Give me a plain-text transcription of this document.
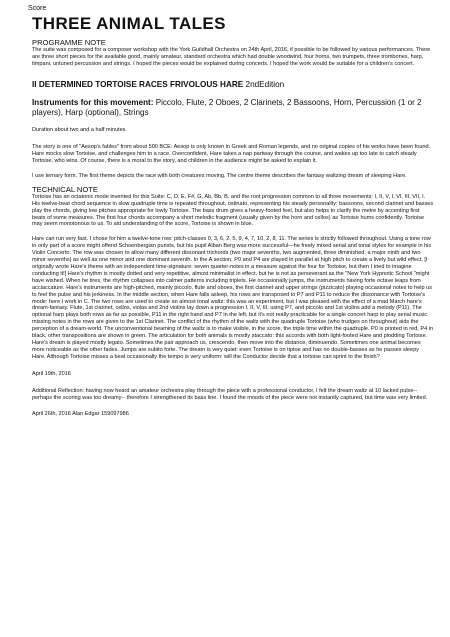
Score
THREE ANIMAL TALES
PROGRAMME NOTE

The suite was composed for a composer workshop with the York Guildhall Orchestra on 24th April, 2016, if possible to be followed by various performances. There are three short pieces for the available good, mainly amateur, standard orchestra which had double woodwind, four horns, two trumpets, three trombones, harp, timpani, untuned percussion and strings. I hoped the pieces would be explained during concerts. I hoped the work would be suitable for a children's concert.

II DETERMINED TORTOISE RACES FRIVOLOUS HARE 2ndEdition
Instruments for this movement: Piccolo, Flute, 2 Oboes, 2 Clarinets, 2 Bassoons, Horn, Percussion (1 or 2 players), Harp (optional), Strings

Duration about two and a half minutes.

The story is one of "Aesop's fables" from about 500 BCE: Aesop is only known in Greek and Roman legends, and no original copies of his works have been found. Hare mocks slow Tortoise, and challenges him to a race. Overconfident, Hare takes a nap partway through the course, and wakes up too late to catch steady Tortoise, who wins. Of course, there is a moral to the story, and children in the audience might be asked to explain it.

I use ternary form. The first theme depicts the race with both creatures moving. The centre theme describes the fantasy waltzing dream of sleeping Hare.

TECHNICAL NOTE

Tortoise has an octatonic mode invented for this Suite: C, D, E, F#, G, Ab, Bb, B, and the root progression common to all three movements: I, II, V, I, VI, III, VII, I. His twelve-beat chord sequence in slow quadruple time is repeated throughout, ostinato, representing his steady personality: bassoons, second clarinet and basses play the chords, giving low pitches appropriate for lowly Tortoise. The bass drum gives a heavy-footed feel, but also helps to clarify the metre by accenting first beats of some measures. The first four chords accompany a short melodic fragment (usually given by the horn and cellos) as Tortoise hums confidently. Tortoise may seem monotonous to us. To aid understanding of the score, Tortoise is shown in blue.

Hare can run very fast. I chose for him a twelve-tone row: pitch-classes 0, 3, 6, 2, 5, 9, 4, 7, 10, 2, 8, 11. The series is strictly followed throughout. Using a tone row in only part of a score might offend Schoenbergian purists, but his pupil Alban Berg was more successful—he freely mixed serial and tonal styles for example in his Violin Concerto. The row was chosen to allow many different dissonant trichords (two major sevenths, two augmented, three diminished, a major ninth and two minor sevenths) as well as one minor and one dominant seventh. In the A section, P0 and P4 are played in parallel at high pitch to create a lively but wild effect. [I originally wrote Hare's theme with an independent time-signature: seven quarter-notes in a measure against the four for Tortoise, but then I tried to imagine conducting it!] Hare's rhythm is mostly dotted and very repetitive, almost minimalist in effect, but he is not as perseverant as the "New York Hypnotic School "might have wished. When he tires, the rhythm collapses into calmer patterns including triplets. He occasionally jumps, the instruments having forte octave leaps from acciaccature. Hare's instruments are high-pitched, mainly piccolo, flute and oboes, the first clarinet and upper strings (pizzicato) playing occasional notes to help us to feel the pulse and his jerkiness. In the middle section, when Hare falls asleep, his rows are transposed to P7 and P11 to reduce the dissonance with Tortoise's mode: here I work in C. The two rows are used to create an almost tonal waltz: this was an experiment, but I was pleased with the effect of a mad March hare's dream-fantasy. Flute, 1st clarinet, cellos, violas and 2nd violins lay down a progression I, II, V, III, using P7, and piccolo and 1st violins add a melody (P11). The optional harp plays both rows as far as possible, P11 in the right hand and P7 in the left, but it's not really practicable for a single concert harp to play serial music: missing notes in the rows are given to the 1st Clarinet. The conflict of the rhythm of the waltz with the quadruple Tortoise (who trudges on throughout) aids the perception of a dream-world. The unconventional beaming of the waltz is to make visible, in the score, the triple time within the quadruple. P0 is printed in red, P4 in black, other transpositions are shown in green. The articulation for both animals is mostly staccato: this accords with both light-footed Hare and plodding Tortoise. Hare's dream is played mostly legato. Sometimes the pair approach us, crescendo, then move into the distance, diminuendo. Sometimes one animal becomes more noticeable as the other fades. Jumps are subito forte. The dream is very quiet: even Tortoise is on tiptoe and has no double-basses as he passes sleepy Hare. Although Tortoise misses a beat occasionally the tempo is very uniform: will the Conductor decide that a tortoise can sprint to the finish?

April 19th, 2016

Additional Reflection: having now heard an amateur orchestra play through the piece with a professional conductor, I felt the dream waltz at 10 lacked pulse--perhaps the scoring was too dreamy-- therefore I strengthened its bass line. I found the moods of the piece were not instantly captured, but time was very limited.

April 26th, 2016 Alan Edgar 159097986
